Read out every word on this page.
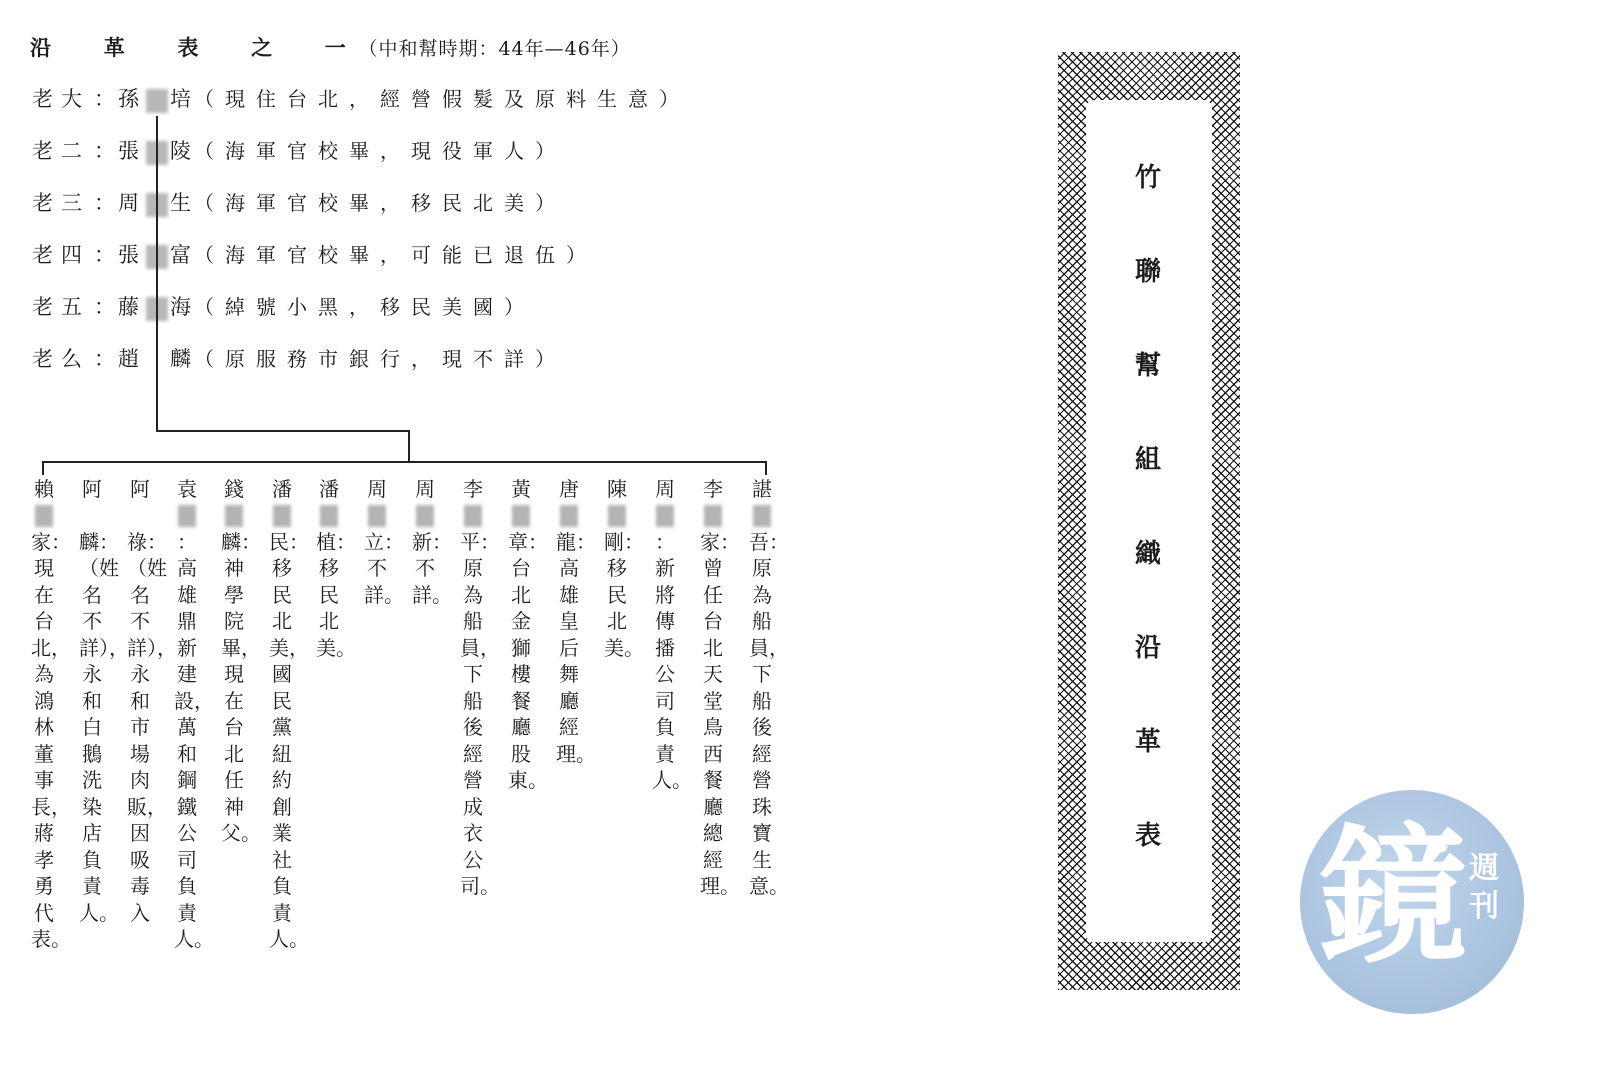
沿 革 表 之 一 （中和幫時期：44年—46年）
老大 ：孫 培（現住台北，經營假髮及原料生意）
老二 ：張 陵（海軍官校畢，現役軍人）
老三 ：周 生（海軍官校畢，移民北美）
老四 ：張 富（海軍官校畢，可能已退伍）
老五 ：藤 海（綽號小黑，移民美國）
老么 ：趙 麟（原服務市銀行，現不詳）
賴
家：現在台北，為鴻林董事長，蔣孝勇代表。
阿
麟：（姓名不詳），永和白鵝洗染店負責人。
阿
祿：（姓名不詳），永和市場肉販，因吸毒入
袁
：高雄鼎新建設，萬和鋼鐵公司負責人。
錢
麟：神學院畢，現在台北任神父。
潘
民：移民北美，國民黨紐約創業社負責人。
潘
植：移民北美。
周
立：不詳。
周
新：不詳。
李
平：原為船員，下船後經營成衣公司。
黃
章：台北金獅樓餐廳股東。
唐
龍：高雄皇后舞廳經理。
陳
剛：移民北美。
周
：新將傳播公司負責人。
李
家：曾任台北天堂鳥西餐廳總經理。
諶
吾：原為船員，下船後經營珠寶生意。
竹
聯
幫
組
織
沿
革
表 鏡 週
刊
